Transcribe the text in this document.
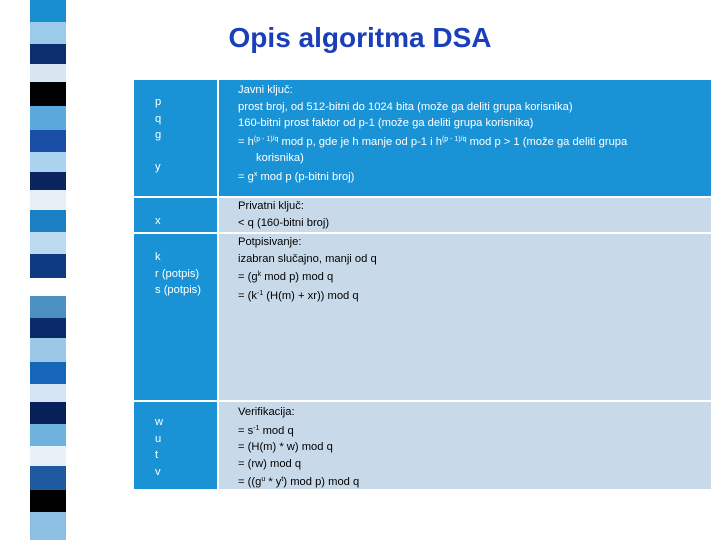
Opis algoritma DSA
p
q
g
y
x
k
r (potpis)
s (potpis)
w
u
t
v
Javni ključ:
prost broj, od 512-bitni do 1024 bita (može ga deliti grupa korisnika)
160-bitni prost faktor od p-1 (može ga deliti grupa korisnika)
= $h^{(p - 1)/q}$ mod p, gde je h manje od p-1 i $h^{(p - 1)/q}$ mod p > 1 (može ga deliti grupa
korisnika)
= $g^x$ mod p (p-bitni broj)
Privatni ključ:
< q (160-bitni broj)
Potpisivanje:
izabran slučajno, manji od q
= ($g^k$ mod p) mod q
= ($k^{-1}$ (H(m) + xr)) mod q
Verifikacija:
= $s^{-1}$ mod q
= (H(m) * w) mod q
= (rw) mod q
= ($(g^u * y^t)$ mod p) mod q
